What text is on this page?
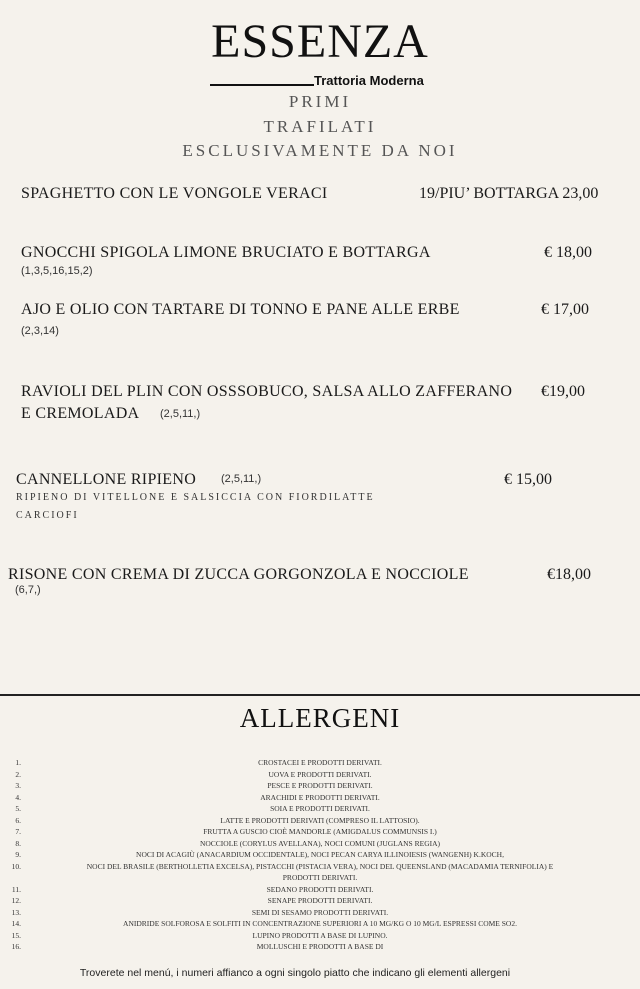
ESSENZA
Trattoria Moderna
PRIMI
TRAFILATI
ESCLUSIVAMENTE DA NOI
SPAGHETTO CON LE VONGOLE VERACI	19/PIU’ BOTTARGA 23,00
GNOCCHI SPIGOLA LIMONE BRUCIATO E BOTTARGA	€ 18,00
(1,3,5,16,15,2)
AJO E OLIO CON TARTARE DI TONNO E PANE ALLE ERBE	€ 17,00
(2,3,14)
RAVIOLI DEL PLIN CON OSSSOBUCO, SALSA ALLO ZAFFERANO €19,00
E CREMOLADA (2,5,11,)
CANNELLONE RIPIENO (2,5,11,)	€ 15,00
RIPIENO DI VITELLONE E SALSICCIA CON FIORDILATTE
CARCIOFI
RISONE CON CREMA DI ZUCCA GORGONZOLA E NOCCIOLE	€18,00
(6,7,)
ALLERGENI
1.	CROSTACEI E PRODOTTI DERIVATI.
2.	UOVA E PRODOTTI DERIVATI.
3.	PESCE E PRODOTTI DERIVATI.
4.	ARACHIDI E PRODOTTI DERIVATI.
5.	SOIA E PRODOTTI DERIVATI.
6.	LATTE E PRODOTTI DERIVATI (COMPRESO IL LATTOSIO).
7.	FRUTTA A GUSCIO CIOÈ MANDORLE (AMIGDALUS COMMUNSIS I.)
8.	NOCCIOLE (CORYLUS AVELLANA), NOCI COMUNI (JUGLANS REGIA)
9.	NOCI DI ACAGIÙ (ANACARDIUM OCCIDENTALE), NOCI PECAN CARYA ILLINOIESIS (WANGENH) K.KOCH,
10.	NOCI DEL BRASILE (BERTHOLLETIA EXCELSA), PISTACCHI (PISTACIA VERA), NOCI DEL QUEENSLAND (MACADAMIA TERNIFOLIA) E
PRODOTTI DERIVATI.
11.	SEDANO PRODOTTI DERIVATI.
12.	SENAPE PRODOTTI DERIVATI.
13.	SEMI DI SESAMO PRODOTTI DERIVATI.
14.	ANIDRIDE SOLFOROSA E SOLFITI IN CONCENTRAZIONE SUPERIORI A 10 MG/KG O 10 MG/L ESPRESSI COME SO2.
15.	LUPINO PRODOTTI A BASE DI LUPINO.
16.	MOLLUSCHI E PRODOTTI A BASE DI
Troverete nel menú, i numeri affianco a ogni singolo piatto che indicano gli elementi allergeni
